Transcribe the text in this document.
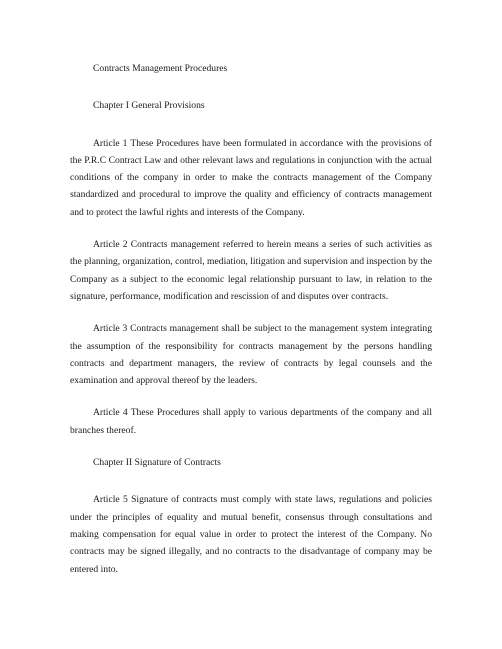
Contracts Management Procedures

Chapter I General Provisions

Article 1 These Procedures have been formulated in accordance with the provisions of the P.R.C Contract Law and other relevant laws and regulations in conjunction with the actual conditions of the company in order to make the contracts management of the Company standardized and procedural to improve the quality and efficiency of contracts management and to protect the lawful rights and interests of the Company.

Article 2 Contracts management referred to herein means a series of such activities as the planning, organization, control, mediation, litigation and supervision and inspection by the Company as a subject to the economic legal relationship pursuant to law, in relation to the signature, performance, modification and rescission of and disputes over contracts.

Article 3 Contracts management shall be subject to the management system integrating the assumption of the responsibility for contracts management by the persons handling contracts and department managers, the review of contracts by legal counsels and the examination and approval thereof by the leaders.

Article 4 These Procedures shall apply to various departments of the company and all branches thereof.

Chapter II Signature of Contracts

Article 5 Signature of contracts must comply with state laws, regulations and policies under the principles of equality and mutual benefit, consensus through consultations and making compensation for equal value in order to protect the interest of the Company. No contracts may be signed illegally, and no contracts to the disadvantage of company may be entered into.
